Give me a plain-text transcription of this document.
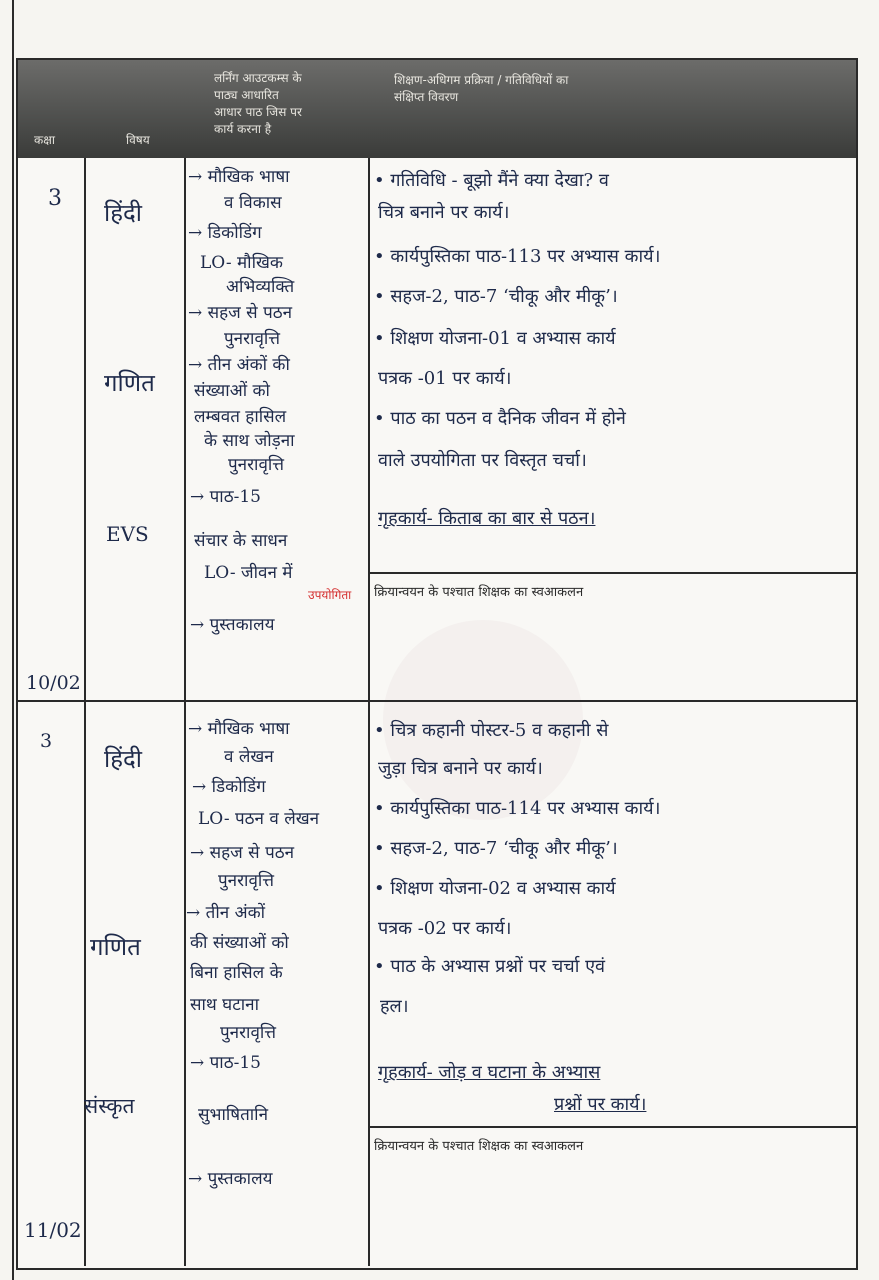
कक्षा	विषय
लर्निंग आउटकम्स के
पाठ्य आधारित
आधार पाठ जिस पर
कार्य करना है
शिक्षण-अधिगम प्रक्रिया / गतिविधियों का
संक्षिप्त विवरण
3
हिंदी
गणित
EVS
10/02
→ मौखिक भाषा
व विकास
→ डिकोडिंग
LO- मौखिक
अभिव्यक्ति
→ सहज से पठन
पुनरावृत्ति
→ तीन अंकों की
संख्याओं को
लम्बवत हासिल
के साथ जोड़ना
पुनरावृत्ति
→ पाठ-15
संचार के साधन
LO- जीवन में
उपयोगिता
→ पुस्तकालय
• गतिविधि - बूझो मैंने क्या देखा? व
चित्र बनाने पर कार्य।
• कार्यपुस्तिका पाठ-113 पर अभ्यास कार्य।
• सहज-2, पाठ-7 ‘चीकू और मीकू’।
• शिक्षण योजना-01 व अभ्यास कार्य
पत्रक -01 पर कार्य।
• पाठ का पठन व दैनिक जीवन में होने
वाले उपयोगिता पर विस्तृत चर्चा।
गृहकार्य- किताब का बार से पठन।
क्रियान्वयन के पश्चात शिक्षक का स्वआकलन
3
हिंदी
गणित
संस्कृत
11/02
→ मौखिक भाषा
व लेखन
→ डिकोडिंग
LO- पठन व लेखन
→ सहज से पठन
पुनरावृत्ति
→ तीन अंकों
की संख्याओं को
बिना हासिल के
साथ घटाना
पुनरावृत्ति
→ पाठ-15
सुभाषितानि
→ पुस्तकालय
• चित्र कहानी पोस्टर-5 व कहानी से
जुड़ा चित्र बनाने पर कार्य।
• कार्यपुस्तिका पाठ-114 पर अभ्यास कार्य।
• सहज-2, पाठ-7 ‘चीकू और मीकू’।
• शिक्षण योजना-02 व अभ्यास कार्य
पत्रक -02 पर कार्य।
• पाठ के अभ्यास प्रश्नों पर चर्चा एवं
हल।
गृहकार्य- जोड़ व घटाना के अभ्यास
प्रश्नों पर कार्य।
क्रियान्वयन के पश्चात शिक्षक का स्वआकलन
